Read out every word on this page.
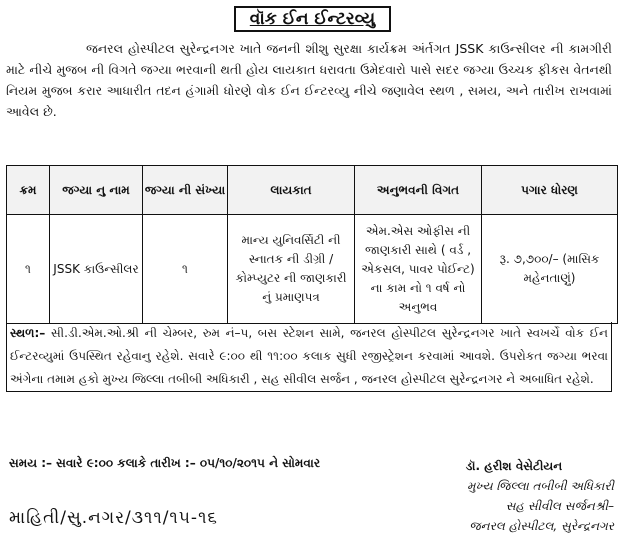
વૉક ઈન ઈન્ટરવ્યુ
જનરલ હોસ્પીટલ સુરેન્દ્રનગર ખાતે જનની શીશુ સુરક્ષા કાર્યક્રમ અંર્તગત JSSK કાઉન્સીલર ની કામગીરી માટે નીચે મુજબ ની વિગતે જગ્યા ભરવાની થતી હોય લાયકાત ધરાવતા ઉમેદવારો પાસે સદર જગ્યા ઉચ્ચક ફીકસ વેતનથી નિયમ મુજબ કરાર આધારીત તદન હંગામી ધોરણે વોક ઈન ઈન્ટરવ્યુ નીચે જણાવેલ સ્થળ , સમય, અને તારીખ રાખવામાં આવેલ છે.
ક્રમ	જગ્યા નુ નામ	જગ્યા ની સંખ્યા	લાયકાત	અનુભવની વિગત	પગાર ધોરણ
૧	JSSK કાઉન્સીલર	૧	માન્ય યુનિવર્સિટી ની સ્નાતક ની ડીગ્રી / કોમ્પ્યુટર ની જાણકારી નું પ્રમાણપત્ર	એમ.એસ ઓફીસ ની જાણકારી સાથે ( વર્ડ , એકસલ, પાવર પોઈન્ટ) ના કામ નો ૧ વર્ષ નો અનુભવ	રૂ. ૭,૭૦૦/– (માસિક મહેનતાણું)
સ્થળ:– સી.ડી.એમ.ઓ.શ્રી ની ચેમ્બર, રુમ નં–પ, બસ સ્ટેશન સામે, જનરલ હોસ્પીટલ સુરેન્દ્રનગર ખાતે સ્વખર્ચે વોક ઈન ઈન્ટરવ્યુમાં ઉપસ્થિત રહેવાનુ રહેશે. સવારે ૯:૦૦ થી ૧૧:૦૦ કલાક સુધી રજીસ્ટ્રેશન કરવામાં આવશે. ઉપરોકત જગ્યા ભરવા અંગેના તમામ હકો મુખ્ય જિલ્લા તબીબી અધિકારી , સહ સીવીલ સર્જન , જનરલ હોસ્પીટલ સુરેન્દ્રનગર ને અબાધિત રહેશે.
સમય :– સવારે ૯:૦૦ કલાકે તારીખ :– ૦૫/૧૦/૨૦૧૫ ને સોમવાર	ડૉ. હરીશ વેસેટીયન
મુખ્ય જિલ્લા તબીબી અધિકારી
સહ સીવીલ સર્જનશ્રી–
જનરલ હોસ્પીટલ, સુરેન્દ્રનગર
માહિતી/સુ.નગર/૩૧૧/૧૫-૧૬
